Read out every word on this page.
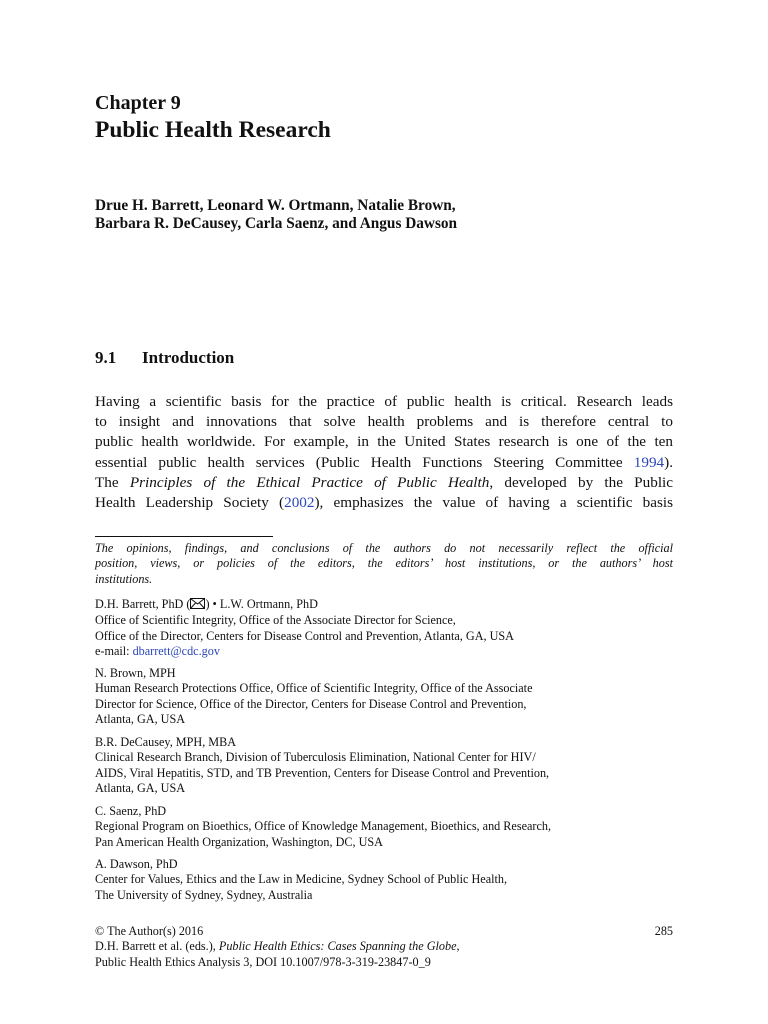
Chapter 9
Public Health Research
Drue H. Barrett, Leonard W. Ortmann, Natalie Brown,
Barbara R. DeCausey, Carla Saenz, and Angus Dawson
9.1 Introduction

Having a scientific basis for the practice of public health is critical. Research leads

to insight and innovations that solve health problems and is therefore central to

public health worldwide. For example, in the United States research is one of the ten

essential public health services (Public Health Functions Steering Committee 1994).

The Principles of the Ethical Practice of Public Health, developed by the Public

Health Leadership Society (2002), emphasizes the value of having a scientific basis

The opinions, findings, and conclusions of the authors do not necessarily reflect the official
position, views, or policies of the editors, the editors’ host institutions, or the authors’ host
institutions.
D.H. Barrett, PhD ( ) • L.W. Ortmann, PhD
Office of Scientific Integrity, Office of the Associate Director for Science,
Office of the Director, Centers for Disease Control and Prevention, Atlanta, GA, USA
e-mail: dbarrett@cdc.gov
N. Brown, MPH
Human Research Protections Office, Office of Scientific Integrity, Office of the Associate
Director for Science, Office of the Director, Centers for Disease Control and Prevention,
Atlanta, GA, USA
B.R. DeCausey, MPH, MBA
Clinical Research Branch, Division of Tuberculosis Elimination, National Center for HIV/
AIDS, Viral Hepatitis, STD, and TB Prevention, Centers for Disease Control and Prevention,
Atlanta, GA, USA
C. Saenz, PhD
Regional Program on Bioethics, Office of Knowledge Management, Bioethics, and Research,
Pan American Health Organization, Washington, DC, USA
A. Dawson, PhD
Center for Values, Ethics and the Law in Medicine, Sydney School of Public Health,
The University of Sydney, Sydney, Australia
© The Author(s) 2016
D.H. Barrett et al. (eds.), Public Health Ethics: Cases Spanning the Globe,
Public Health Ethics Analysis 3, DOI 10.1007/978-3-319-23847-0_9
285
